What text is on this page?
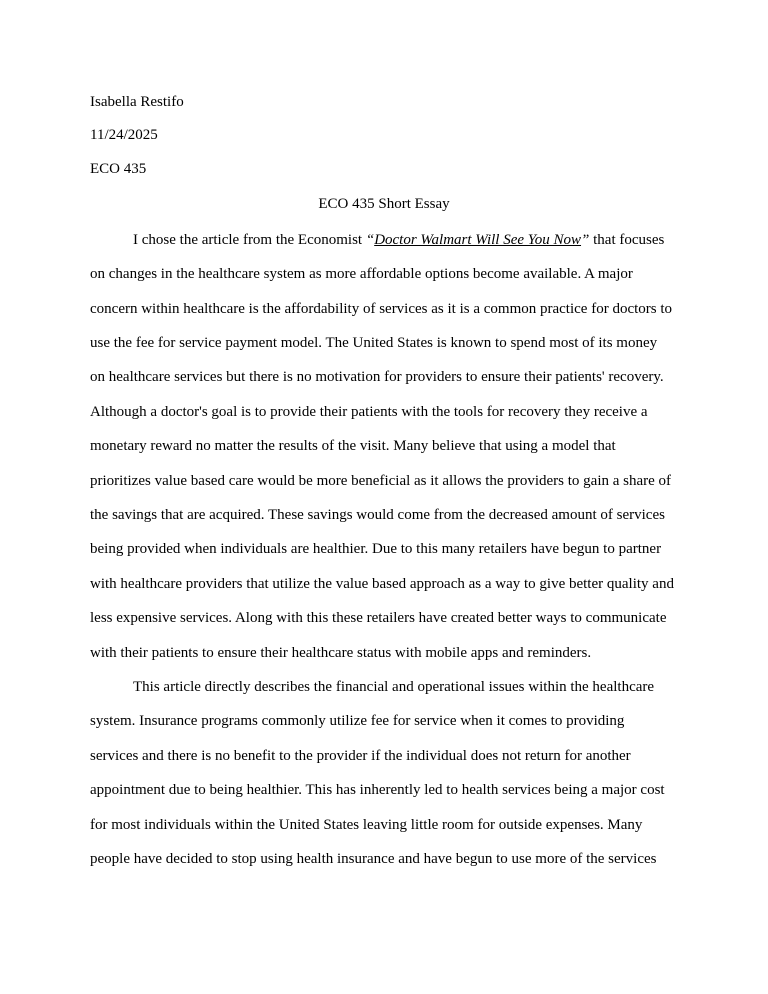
Isabella Restifo
11/24/2025
ECO 435
ECO 435 Short Essay
I chose the article from the Economist “Doctor Walmart Will See You Now” that focuses
on changes in the healthcare system as more affordable options become available. A major
concern within healthcare is the affordability of services as it is a common practice for doctors to
use the fee for service payment model. The United States is known to spend most of its money
on healthcare services but there is no motivation for providers to ensure their patients' recovery.
Although a doctor's goal is to provide their patients with the tools for recovery they receive a
monetary reward no matter the results of the visit. Many believe that using a model that
prioritizes value based care would be more beneficial as it allows the providers to gain a share of
the savings that are acquired. These savings would come from the decreased amount of services
being provided when individuals are healthier. Due to this many retailers have begun to partner
with healthcare providers that utilize the value based approach as a way to give better quality and
less expensive services. Along with this these retailers have created better ways to communicate
with their patients to ensure their healthcare status with mobile apps and reminders.
This article directly describes the financial and operational issues within the healthcare
system. Insurance programs commonly utilize fee for service when it comes to providing
services and there is no benefit to the provider if the individual does not return for another
appointment due to being healthier. This has inherently led to health services being a major cost
for most individuals within the United States leaving little room for outside expenses. Many
people have decided to stop using health insurance and have begun to use more of the services
